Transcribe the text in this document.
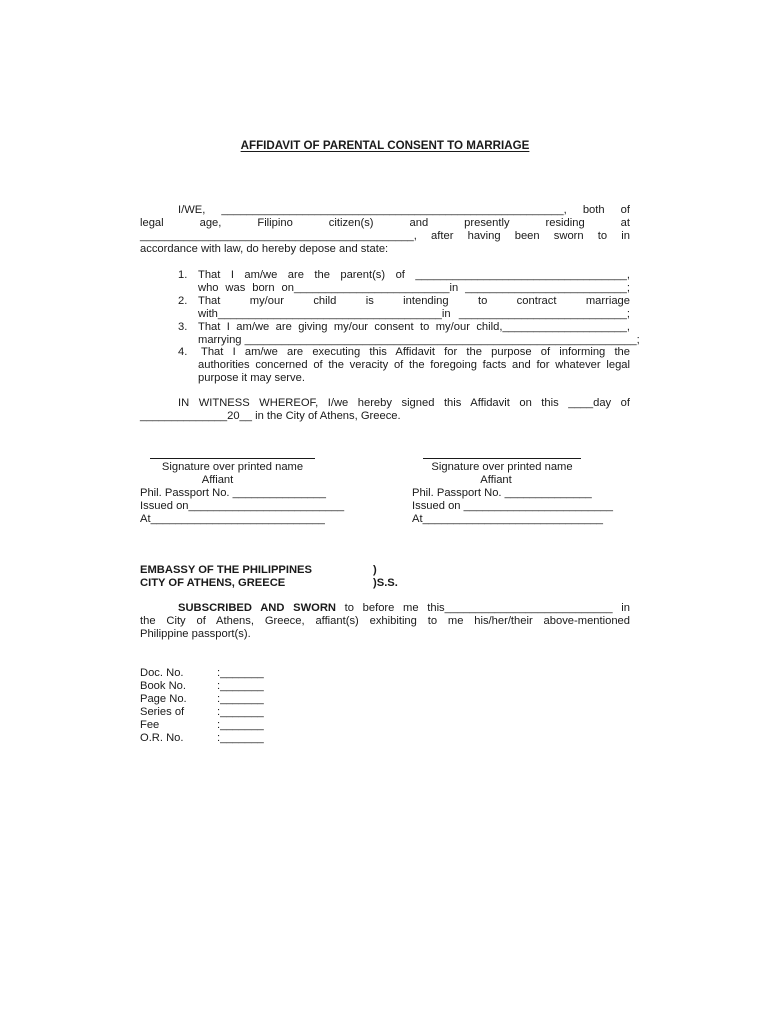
AFFIDAVIT OF PARENTAL CONSENT TO MARRIAGE
I/WE, _______________________________________________________, both of
legal age, Filipino citizen(s) and presently residing at
____________________________________________, after having been sworn to in
accordance with law, do hereby depose and state:
1. That I am/we are the parent(s) of __________________________________,
who was born on_________________________in __________________________;
2. That my/our child is intending to contract marriage
with____________________________________in ___________________________;
3. That I am/we are giving my/our consent to my/our child,____________________,
marrying _______________________________________________________________;
4. That I am/we are executing this Affidavit for the purpose of informing the
authorities concerned of the veracity of the foregoing facts and for whatever legal
purpose it may serve.
IN WITNESS WHEREOF, I/we hereby signed this Affidavit on this ____day of
______________20__ in the City of Athens, Greece.
Signature over printed name
Affiant
Phil. Passport No. _______________
Issued on_________________________
At____________________________
Signature over printed name
Affiant
Phil. Passport No. ______________
Issued on ________________________
At_____________________________
EMBASSY OF THE PHILIPPINES	)
CITY OF ATHENS, GREECE	)S.S.
SUBSCRIBED AND SWORN to before me this___________________________ in
the City of Athens, Greece, affiant(s) exhibiting to me his/her/their above-mentioned
Philippine passport(s).
Doc. No.	:_______
Book No.	:_______
Page No.	:_______
Series of	:_______
Fee	:_______
O.R. No.	:_______
